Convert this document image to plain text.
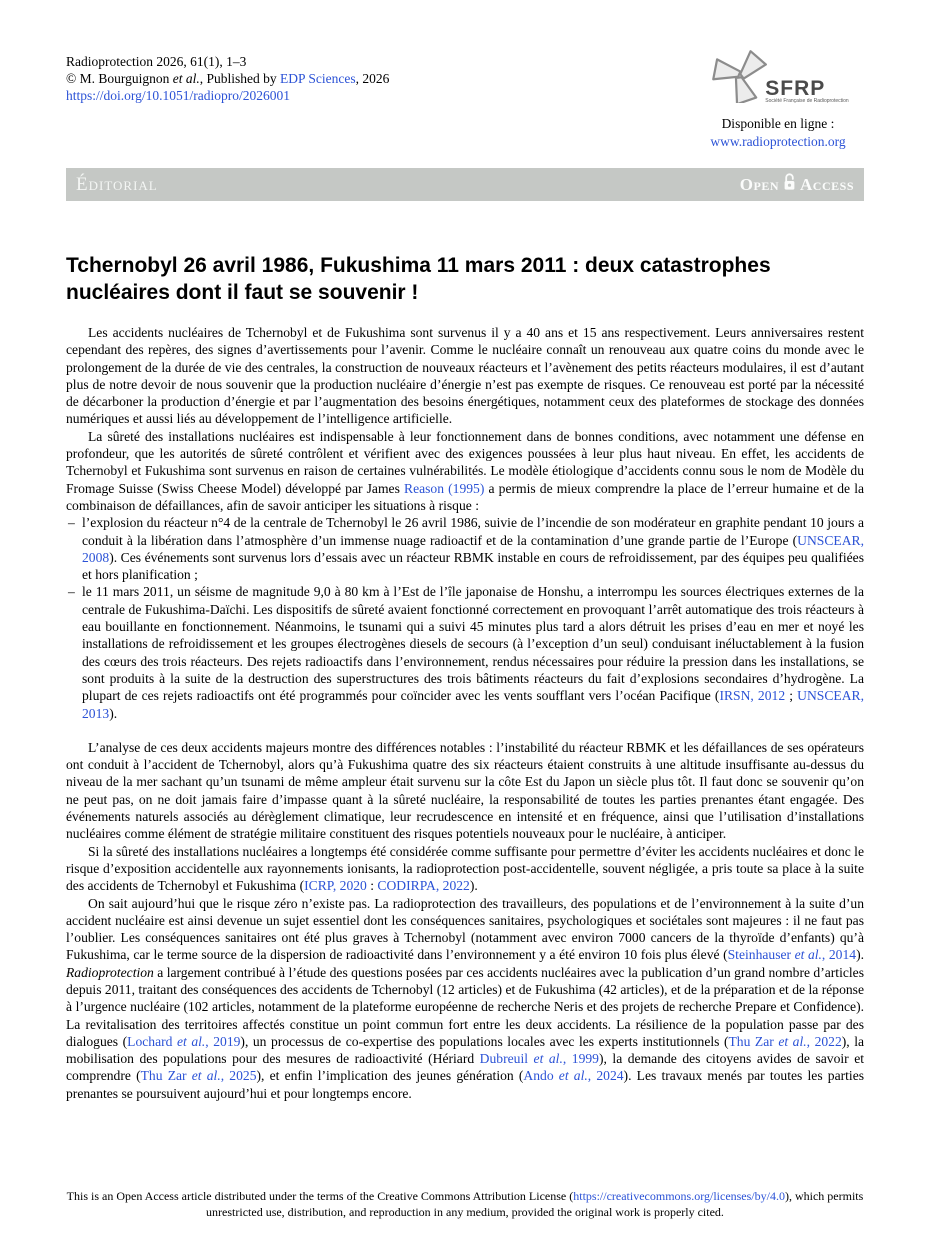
Radioprotection 2026, 61(1), 1–3
© M. Bourguignon et al., Published by EDP Sciences, 2026
https://doi.org/10.1051/radiopro/2026001	SFRP
Société Française de Radioprotection
Disponible en ligne :
www.radioprotection.org
Éditorial	Open Access
Tchernobyl 26 avril 1986, Fukushima 11 mars 2011 : deux catastrophes nucléaires dont il faut se souvenir !

Les accidents nucléaires de Tchernobyl et de Fukushima sont survenus il y a 40 ans et 15 ans respectivement. Leurs anniversaires restent cependant des repères, des signes d’avertissements pour l’avenir. Comme le nucléaire connaît un renouveau aux quatre coins du monde avec le prolongement de la durée de vie des centrales, la construction de nouveaux réacteurs et l’avènement des petits réacteurs modulaires, il est d’autant plus de notre devoir de nous souvenir que la production nucléaire d’énergie n’est pas exempte de risques. Ce renouveau est porté par la nécessité de décarboner la production d’énergie et par l’augmentation des besoins énergétiques, notamment ceux des plateformes de stockage des données numériques et aussi liés au développement de l’intelligence artificielle.

La sûreté des installations nucléaires est indispensable à leur fonctionnement dans de bonnes conditions, avec notamment une défense en profondeur, que les autorités de sûreté contrôlent et vérifient avec des exigences poussées à leur plus haut niveau. En effet, les accidents de Tchernobyl et Fukushima sont survenus en raison de certaines vulnérabilités. Le modèle étiologique d’accidents connu sous le nom de Modèle du Fromage Suisse (Swiss Cheese Model) développé par James Reason (1995) a permis de mieux comprendre la place de l’erreur humaine et de la combinaison de défaillances, afin de savoir anticiper les situations à risque :

– l’explosion du réacteur n°4 de la centrale de Tchernobyl le 26 avril 1986, suivie de l’incendie de son modérateur en graphite pendant 10 jours a conduit à la libération dans l’atmosphère d’un immense nuage radioactif et de la contamination d’une grande partie de l’Europe (UNSCEAR, 2008). Ces événements sont survenus lors d’essais avec un réacteur RBMK instable en cours de refroidissement, par des équipes peu qualifiées et hors planification ;
– le 11 mars 2011, un séisme de magnitude 9,0 à 80 km à l’Est de l’île japonaise de Honshu, a interrompu les sources électriques externes de la centrale de Fukushima-Daïchi. Les dispositifs de sûreté avaient fonctionné correctement en provoquant l’arrêt automatique des trois réacteurs à eau bouillante en fonctionnement. Néanmoins, le tsunami qui a suivi 45 minutes plus tard a alors détruit les prises d’eau en mer et noyé les installations de refroidissement et les groupes électrogènes diesels de secours (à l’exception d’un seul) conduisant inéluctablement à la fusion des cœurs des trois réacteurs. Des rejets radioactifs dans l’environnement, rendus nécessaires pour réduire la pression dans les installations, se sont produits à la suite de la destruction des superstructures des trois bâtiments réacteurs du fait d’explosions secondaires d’hydrogène. La plupart de ces rejets radioactifs ont été programmés pour coïncider avec les vents soufflant vers l’océan Pacifique (IRSN, 2012 ; UNSCEAR, 2013).

L’analyse de ces deux accidents majeurs montre des différences notables : l’instabilité du réacteur RBMK et les défaillances de ses opérateurs ont conduit à l’accident de Tchernobyl, alors qu’à Fukushima quatre des six réacteurs étaient construits à une altitude insuffisante au-dessus du niveau de la mer sachant qu’un tsunami de même ampleur était survenu sur la côte Est du Japon un siècle plus tôt. Il faut donc se souvenir qu’on ne peut pas, on ne doit jamais faire d’impasse quant à la sûreté nucléaire, la responsabilité de toutes les parties prenantes étant engagée. Des événements naturels associés au dérèglement climatique, leur recrudescence en intensité et en fréquence, ainsi que l’utilisation d’installations nucléaires comme élément de stratégie militaire constituent des risques potentiels nouveaux pour le nucléaire, à anticiper.

Si la sûreté des installations nucléaires a longtemps été considérée comme suffisante pour permettre d’éviter les accidents nucléaires et donc le risque d’exposition accidentelle aux rayonnements ionisants, la radioprotection post-accidentelle, souvent négligée, a pris toute sa place à la suite des accidents de Tchernobyl et Fukushima (ICRP, 2020 : CODIRPA, 2022).

On sait aujourd’hui que le risque zéro n’existe pas. La radioprotection des travailleurs, des populations et de l’environnement à la suite d’un accident nucléaire est ainsi devenue un sujet essentiel dont les conséquences sanitaires, psychologiques et sociétales sont majeures : il ne faut pas l’oublier. Les conséquences sanitaires ont été plus graves à Tchernobyl (notamment avec environ 7000 cancers de la thyroïde d’enfants) qu’à Fukushima, car le terme source de la dispersion de radioactivité dans l’environnement y a été environ 10 fois plus élevé (Steinhauser et al., 2014). Radioprotection a largement contribué à l’étude des questions posées par ces accidents nucléaires avec la publication d’un grand nombre d’articles depuis 2011, traitant des conséquences des accidents de Tchernobyl (12 articles) et de Fukushima (42 articles), et de la préparation et de la réponse à l’urgence nucléaire (102 articles, notamment de la plateforme européenne de recherche Neris et des projets de recherche Prepare et Confidence). La revitalisation des territoires affectés constitue un point commun fort entre les deux accidents. La résilience de la population passe par des dialogues (Lochard et al., 2019), un processus de co-expertise des populations locales avec les experts institutionnels (Thu Zar et al., 2022), la mobilisation des populations pour des mesures de radioactivité (Hériard Dubreuil et al., 1999), la demande des citoyens avides de savoir et comprendre (Thu Zar et al., 2025), et enfin l’implication des jeunes génération (Ando et al., 2024). Les travaux menés par toutes les parties prenantes se poursuivent aujourd’hui et pour longtemps encore.

This is an Open Access article distributed under the terms of the Creative Commons Attribution License (https://creativecommons.org/licenses/by/4.0), which permits unrestricted use, distribution, and reproduction in any medium, provided the original work is properly cited.
